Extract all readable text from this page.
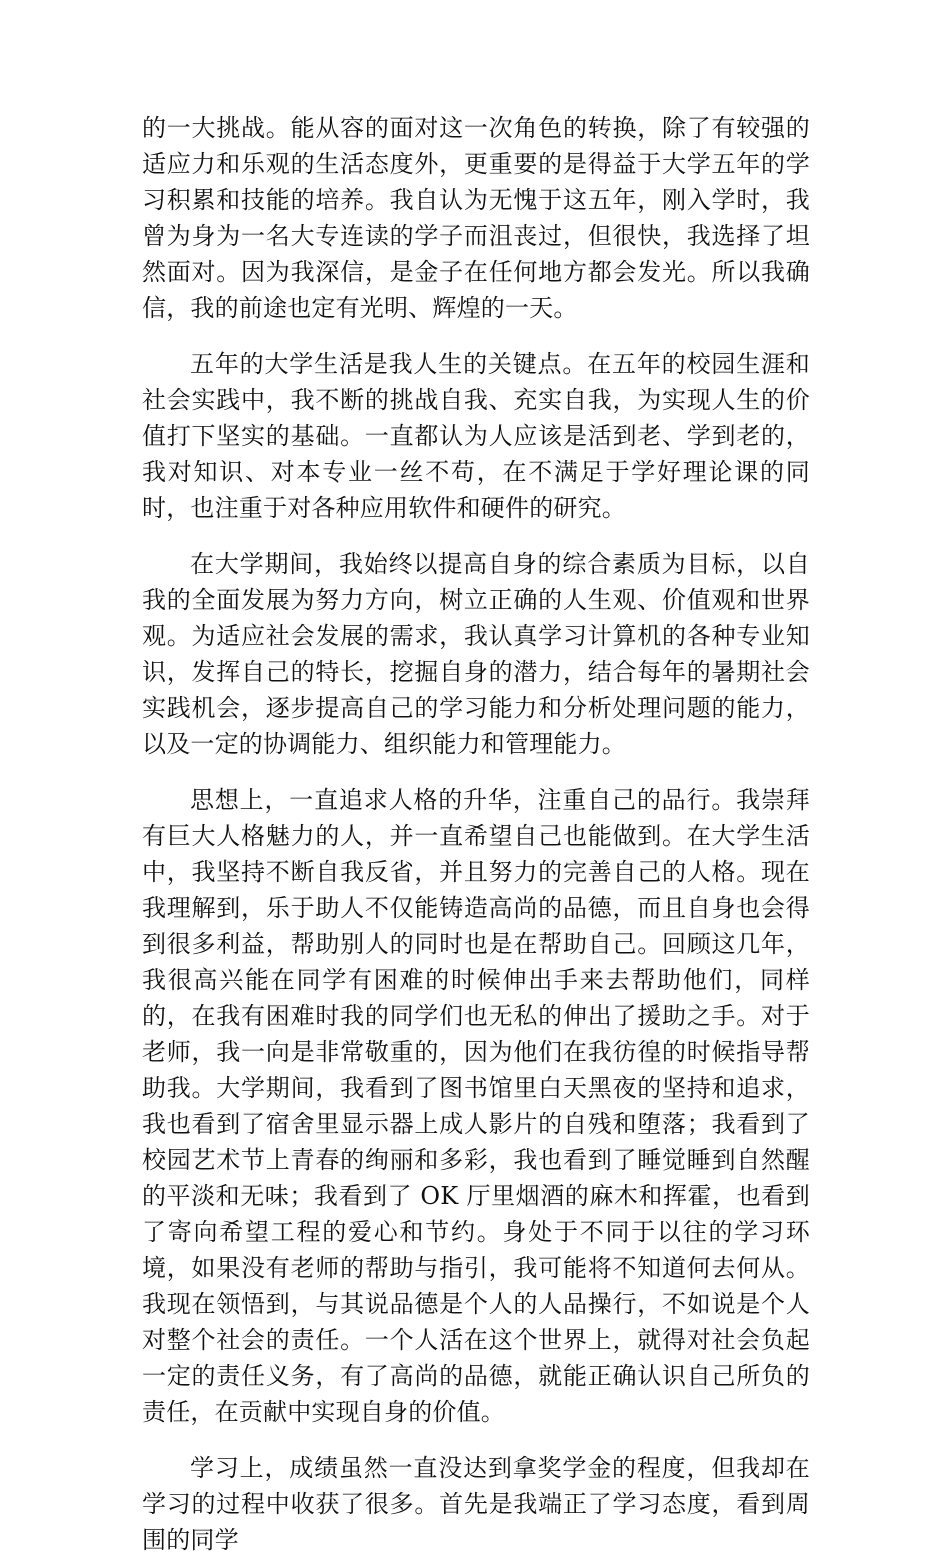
的一大挑战。能从容的面对这一次角色的转换，除了有较强的适应力和乐观的生活态度外，更重要的是得益于大学五年的学习积累和技能的培养。我自认为无愧于这五年，刚入学时，我曾为身为一名大专连读的学子而沮丧过，但很快，我选择了坦然面对。因为我深信，是金子在任何地方都会发光。所以我确信，我的前途也定有光明、辉煌的一天。

五年的大学生活是我人生的关键点。在五年的校园生涯和社会实践中，我不断的挑战自我、充实自我，为实现人生的价值打下坚实的基础。一直都认为人应该是活到老、学到老的，我对知识、对本专业一丝不苟，在不满足于学好理论课的同时，也注重于对各种应用软件和硬件的研究。

在大学期间，我始终以提高自身的综合素质为目标，以自我的全面发展为努力方向，树立正确的人生观、价值观和世界观。为适应社会发展的需求，我认真学习计算机的各种专业知识，发挥自己的特长，挖掘自身的潜力，结合每年的暑期社会实践机会，逐步提高自己的学习能力和分析处理问题的能力，以及一定的协调能力、组织能力和管理能力。

思想上，一直追求人格的升华，注重自己的品行。我崇拜有巨大人格魅力的人，并一直希望自己也能做到。在大学生活中，我坚持不断自我反省，并且努力的完善自己的人格。现在我理解到，乐于助人不仅能铸造高尚的品德，而且自身也会得到很多利益，帮助别人的同时也是在帮助自己。回顾这几年，我很高兴能在同学有困难的时候伸出手来去帮助他们，同样的，在我有困难时我的同学们也无私的伸出了援助之手。对于老师，我一向是非常敬重的，因为他们在我彷徨的时候指导帮助我。大学期间，我看到了图书馆里白天黑夜的坚持和追求，我也看到了宿舍里显示器上成人影片的自残和堕落；我看到了校园艺术节上青春的绚丽和多彩，我也看到了睡觉睡到自然醒的平淡和无味；我看到了 OK 厅里烟酒的麻木和挥霍，也看到了寄向希望工程的爱心和节约。身处于不同于以往的学习环境，如果没有老师的帮助与指引，我可能将不知道何去何从。我现在领悟到，与其说品德是个人的人品操行，不如说是个人对整个社会的责任。一个人活在这个世界上，就得对社会负起一定的责任义务，有了高尚的品德，就能正确认识自己所负的责任，在贡献中实现自身的价值。

学习上，成绩虽然一直没达到拿奖学金的程度，但我却在学习的过程中收获了很多。首先是我端正了学习态度，看到周围的同学
